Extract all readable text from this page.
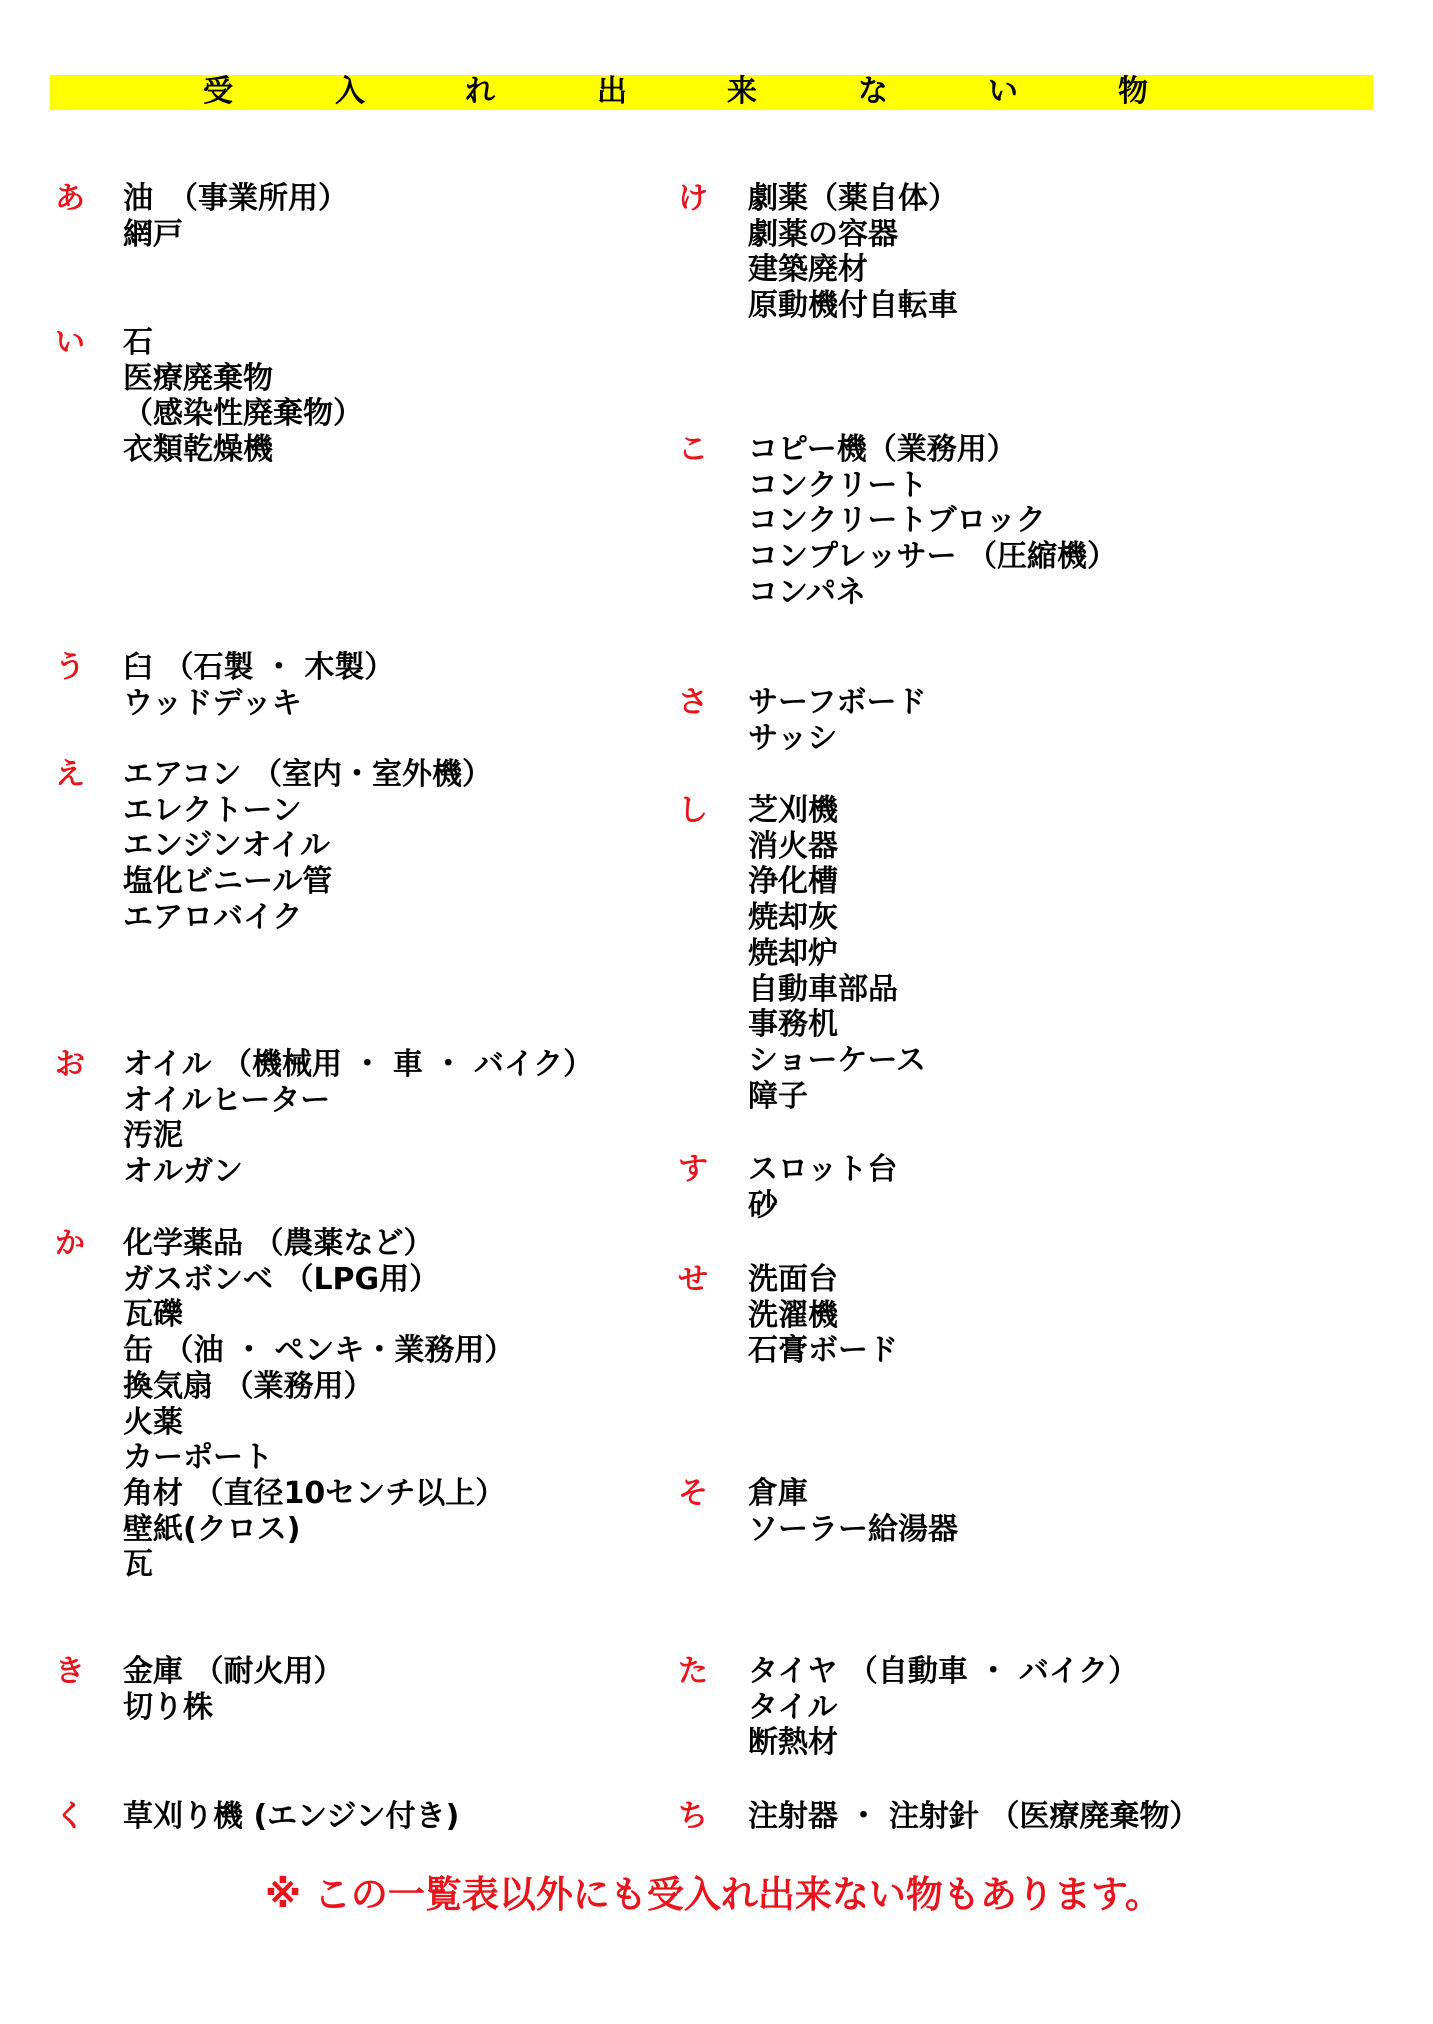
受	入	れ	出	来	な	い	物
あ 油　（事業所用）
網戸
い 石
医療廃棄物
（感染性廃棄物）
衣類乾燥機
う 臼 （石製 ・ 木製）
ウッドデッキ
え エアコン （室内・室外機）
エレクトーン
エンジンオイル
塩化ビニール管
エアロバイク
お オイル （機械用 ・ 車 ・ バイク）
オイルヒーター
汚泥
オルガン
か 化学薬品 （農薬など）
ガスボンベ （LPG用）
瓦礫
缶 （油 ・ ペンキ・業務用）
換気扇 （業務用）
火薬
カーポート
角材 （直径10センチ以上）
壁紙(クロス)
瓦
き 金庫 （耐火用）
切り株
く 草刈り機 (エンジン付き)
け 劇薬（薬自体）
劇薬の容器
建築廃材
原動機付自転車
こ コピー機（業務用）
コンクリート
コンクリートブロック
コンプレッサー （圧縮機）
コンパネ
さ サーフボード
サッシ
し 芝刈機
消火器
浄化槽
焼却灰
焼却炉
自動車部品
事務机
ショーケース
障子
す スロット台
砂
せ 洗面台
洗濯機
石膏ボード
そ 倉庫
ソーラー給湯器
た タイヤ （自動車 ・ バイク）
タイル
断熱材
ち 注射器 ・ 注射針 （医療廃棄物）
※ この一覧表以外にも受入れ出来ない物もあります。
